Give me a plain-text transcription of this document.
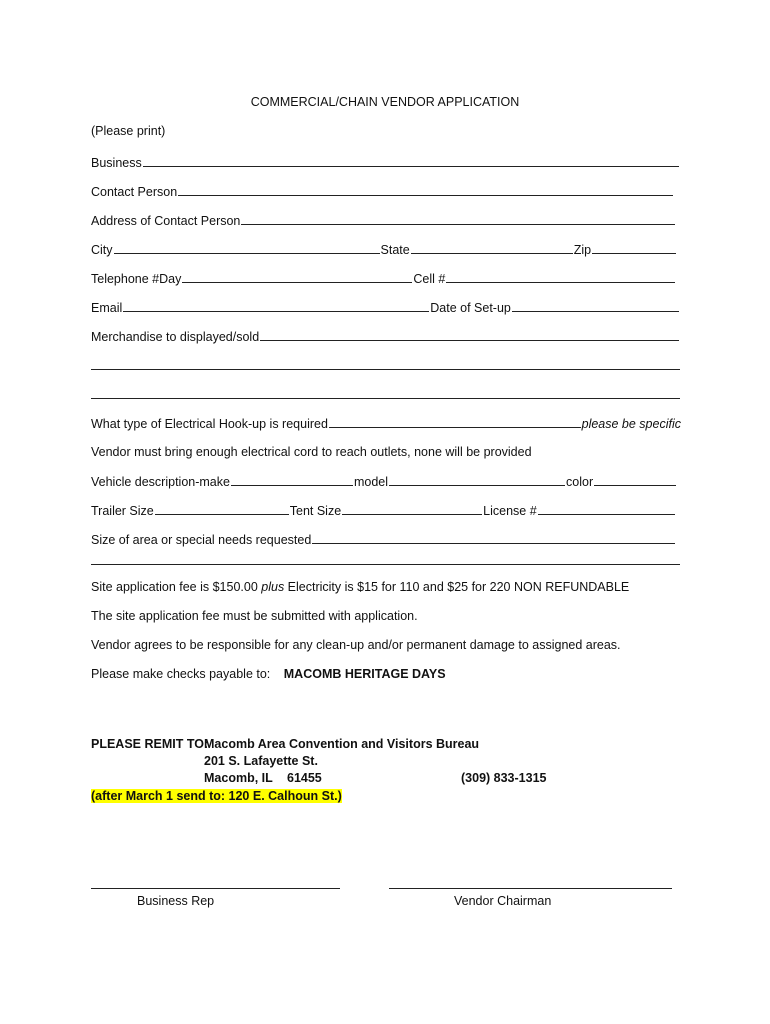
COMMERCIAL/CHAIN VENDOR APPLICATION
(Please print)
Business
Contact Person
Address of Contact Person
City	State	Zip
Telephone #Day	Cell #
Email	Date of Set-up
Merchandise to displayed/sold
What type of Electrical Hook-up is required	please be specific
Vendor must bring enough electrical cord to reach outlets, none will be provided
Vehicle description-make	model	color
Trailer Size	Tent Size	License #
Size of area or special needs requested
Site application fee is $150.00 plus Electricity is $15 for 110 and $25 for 220 NON REFUNDABLE
The site application fee must be submitted with application.
Vendor agrees to be responsible for any clean-up and/or permanent damage to assigned areas.
Please make checks payable to: MACOMB HERITAGE DAYS
PLEASE REMIT TO:
Macomb Area Convention and Visitors Bureau
201 S. Lafayette St.
Macomb, IL 61455	(309) 833-1315
(after March 1 send to: 120 E. Calhoun St.)
Business Rep	Vendor Chairman
